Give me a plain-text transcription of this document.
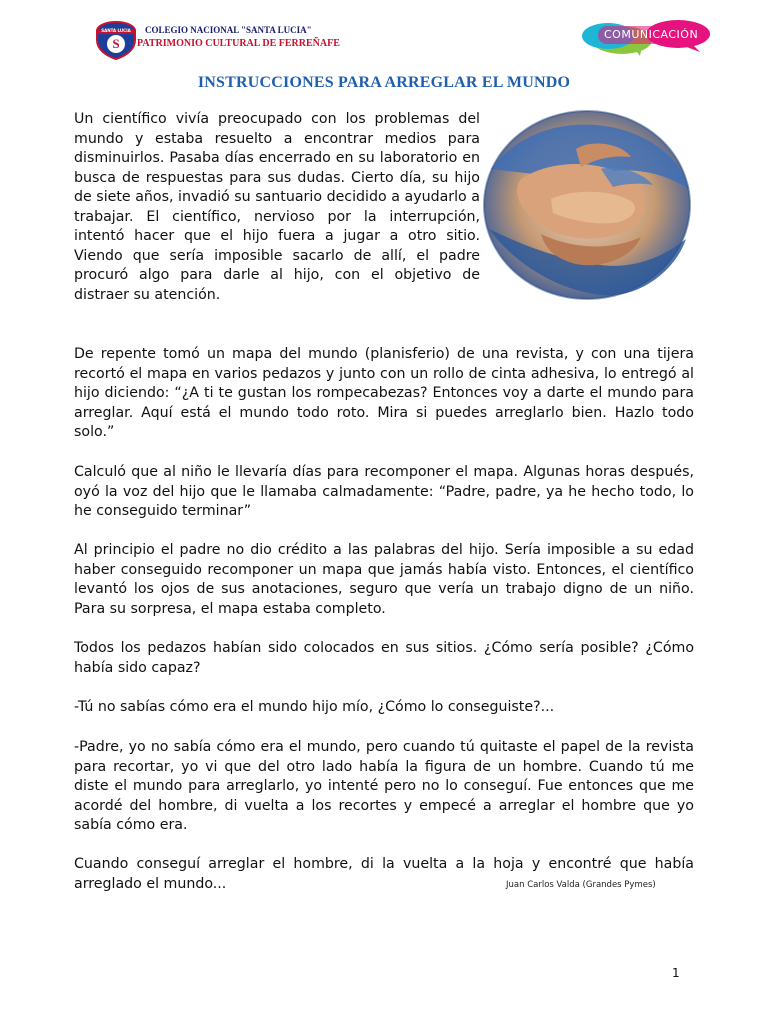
SANTA LUCIA
S
COLEGIO NACIONAL "SANTA LUCIA"
PATRIMONIO CULTURAL DE FERREÑAFE
COMUNICACIÓN
INSTRUCCIONES PARA ARREGLAR EL MUNDO

Un científico vivía preocupado con los problemas del mundo y estaba resuelto a encontrar medios para disminuirlos. Pasaba días encerrado en su laboratorio en busca de respuestas para sus dudas. Cierto día, su hijo de siete años, invadió su santuario decidido a ayudarlo a trabajar. El científico, nervioso por la interrupción, intentó hacer que el hijo fuera a jugar a otro sitio. Viendo que sería imposible sacarlo de allí, el padre procuró algo para darle al hijo, con el objetivo de distraer su atención.

De repente tomó un mapa del mundo (planisferio) de una revista, y con una tijera recortó el mapa en varios pedazos y junto con un rollo de cinta adhesiva, lo entregó al hijo diciendo: “¿A ti te gustan los rompecabezas? Entonces voy a darte el mundo para arreglar. Aquí está el mundo todo roto. Mira si puedes arreglarlo bien. Hazlo todo solo.”

Calculó que al niño le llevaría días para recomponer el mapa. Algunas horas después, oyó la voz del hijo que le llamaba calmadamente: “Padre, padre, ya he hecho todo, lo he conseguido terminar”

Al principio el padre no dio crédito a las palabras del hijo. Sería imposible a su edad haber conseguido recomponer un mapa que jamás había visto. Entonces, el científico levantó los ojos de sus anotaciones, seguro que vería un trabajo digno de un niño. Para su sorpresa, el mapa estaba completo.

Todos los pedazos habían sido colocados en sus sitios. ¿Cómo sería posible? ¿Cómo había sido capaz?

-Tú no sabías cómo era el mundo hijo mío, ¿Cómo lo conseguiste?...

-Padre, yo no sabía cómo era el mundo, pero cuando tú quitaste el papel de la revista para recortar, yo vi que del otro lado había la figura de un hombre. Cuando tú me diste el mundo para arreglarlo, yo intenté pero no lo conseguí. Fue entonces que me acordé del hombre, di vuelta a los recortes y empecé a arreglar el hombre que yo sabía cómo era.

Cuando conseguí arreglar el hombre, di la vuelta a la hoja y encontré que había arreglado el mundo...	Juan Carlos Valda (Grandes Pymes)
1
